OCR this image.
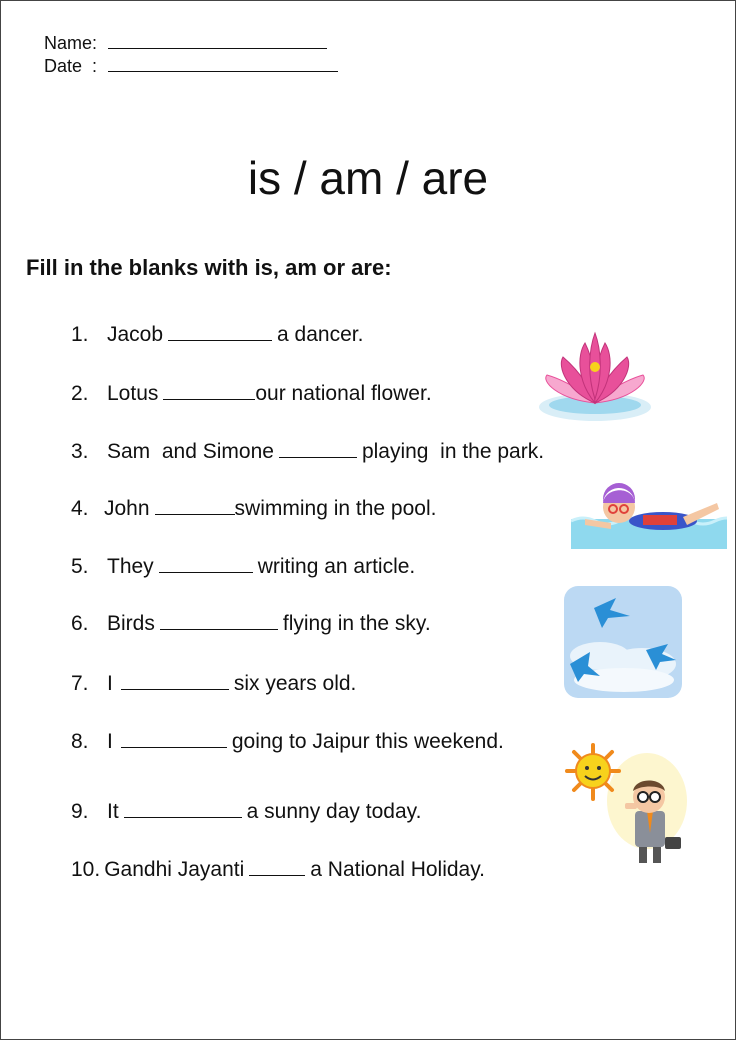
Name:
Date  :
is / am / are
Fill in the blanks with is, am or are:
1. Jacob	a dancer.
2. Lotus	our national flower.
3. Sam  and Simone	playing  in the park.
4. John	swimming in the pool.
5. They	writing an article.
6. Birds	flying in the sky.
7. I	six years old.
8. I	going to Jaipur this weekend.
9. It	a sunny day today.
10. Gandhi Jayanti	a National Holiday.
